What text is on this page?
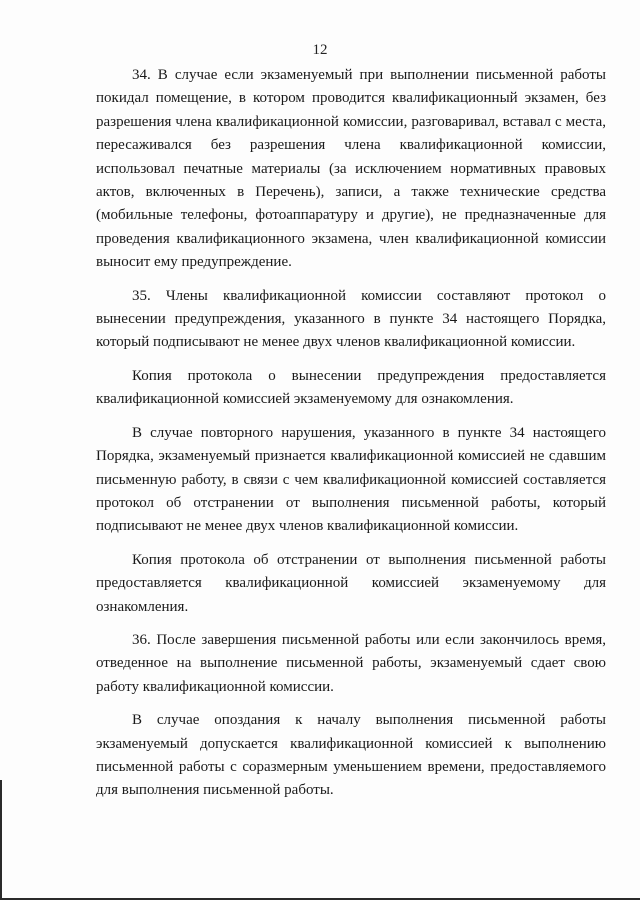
12

34. В случае если экзаменуемый при выполнении письменной работы покидал помещение, в котором проводится квалификационный экзамен, без разрешения члена квалификационной комиссии, разговаривал, вставал с места, пересаживался без разрешения члена квалификационной комиссии, использовал печатные материалы (за исключением нормативных правовых актов, включенных в Перечень), записи, а также технические средства (мобильные телефоны, фотоаппаратуру и другие), не предназначенные для проведения квалификационного экзамена, член квалификационной комиссии выносит ему предупреждение.

35. Члены квалификационной комиссии составляют протокол о вынесении предупреждения, указанного в пункте 34 настоящего Порядка, который подписывают не менее двух членов квалификационной комиссии.

Копия протокола о вынесении предупреждения предоставляется квалификационной комиссией экзаменуемому для ознакомления.

В случае повторного нарушения, указанного в пункте 34 настоящего Порядка, экзаменуемый признается квалификационной комиссией не сдавшим письменную работу, в связи с чем квалификационной комиссией составляется протокол об отстранении от выполнения письменной работы, который подписывают не менее двух членов квалификационной комиссии.

Копия протокола об отстранении от выполнения письменной работы предоставляется квалификационной комиссией экзаменуемому для ознакомления.

36. После завершения письменной работы или если закончилось время, отведенное на выполнение письменной работы, экзаменуемый сдает свою работу квалификационной комиссии.

В случае опоздания к началу выполнения письменной работы экзаменуемый допускается квалификационной комиссией к выполнению письменной работы с соразмерным уменьшением времени, предоставляемого для выполнения письменной работы.
